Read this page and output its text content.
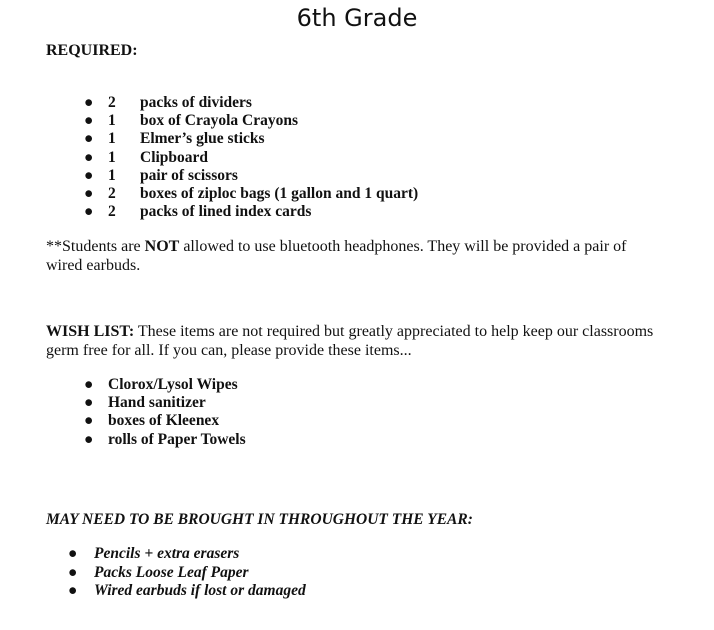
6th Grade
REQUIRED:
● 2 packs of dividers
● 1 box of Crayola Crayons
● 1 Elmer’s glue sticks
● 1 Clipboard
● 1 pair of scissors
● 2 boxes of ziploc bags (1 gallon and 1 quart)
● 2 packs of lined index cards
**Students are NOT allowed to use bluetooth headphones. They will be provided a pair of wired earbuds.
WISH LIST: These items are not required but greatly appreciated to help keep our classrooms germ free for all. If you can, please provide these items...
● Clorox/Lysol Wipes
● Hand sanitizer
● boxes of Kleenex
● rolls of Paper Towels
MAY NEED TO BE BROUGHT IN THROUGHOUT THE YEAR:
● Pencils + extra erasers
● Packs Loose Leaf Paper
● Wired earbuds if lost or damaged
